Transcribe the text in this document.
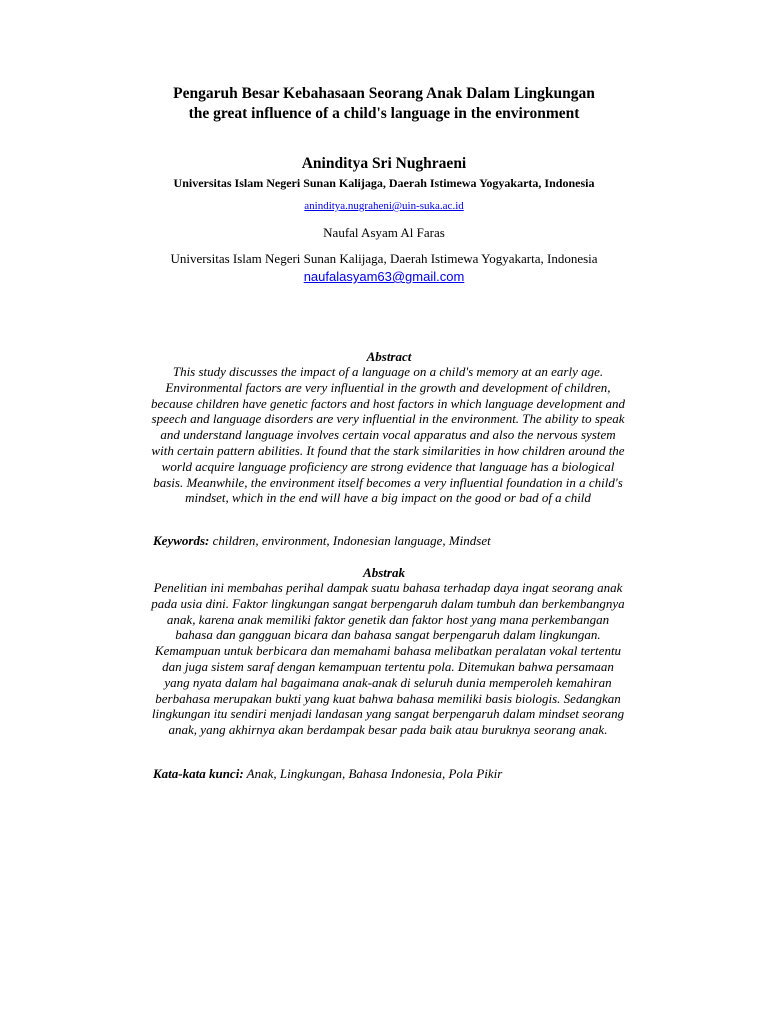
Pengaruh Besar Kebahasaan Seorang Anak Dalam Lingkungan
the great influence of a child's language in the environment
Aninditya Sri Nughraeni
Universitas Islam Negeri Sunan Kalijaga, Daerah Istimewa Yogyakarta, Indonesia
aninditya.nugraheni@uin-suka.ac.id
Naufal Asyam Al Faras
Universitas Islam Negeri Sunan Kalijaga, Daerah Istimewa Yogyakarta, Indonesia
naufalasyam63@gmail.com
Abstract
This study discusses the impact of a language on a child's memory at an early age. Environmental factors are very influential in the growth and development of children, because children have genetic factors and host factors in which language development and speech and language disorders are very influential in the environment. The ability to speak and understand language involves certain vocal apparatus and also the nervous system with certain pattern abilities. It found that the stark similarities in how children around the world acquire language proficiency are strong evidence that language has a biological basis. Meanwhile, the environment itself becomes a very influential foundation in a child's mindset, which in the end will have a big impact on the good or bad of a child
Keywords: children, environment, Indonesian language, Mindset
Abstrak
Penelitian ini membahas perihal dampak suatu bahasa terhadap daya ingat seorang anak pada usia dini. Faktor lingkungan sangat berpengaruh dalam tumbuh dan berkembangnya anak, karena anak memiliki faktor genetik dan faktor host yang mana perkembangan bahasa dan gangguan bicara dan bahasa sangat berpengaruh dalam lingkungan. Kemampuan untuk berbicara dan memahami bahasa melibatkan peralatan vokal tertentu dan juga sistem saraf dengan kemampuan tertentu pola. Ditemukan bahwa persamaan yang nyata dalam hal bagaimana anak-anak di seluruh dunia memperoleh kemahiran berbahasa merupakan bukti yang kuat bahwa bahasa memiliki basis biologis. Sedangkan lingkungan itu sendiri menjadi landasan yang sangat berpengaruh dalam mindset seorang anak, yang akhirnya akan berdampak besar pada baik atau buruknya seorang anak.
Kata-kata kunci: Anak, Lingkungan, Bahasa Indonesia, Pola Pikir
